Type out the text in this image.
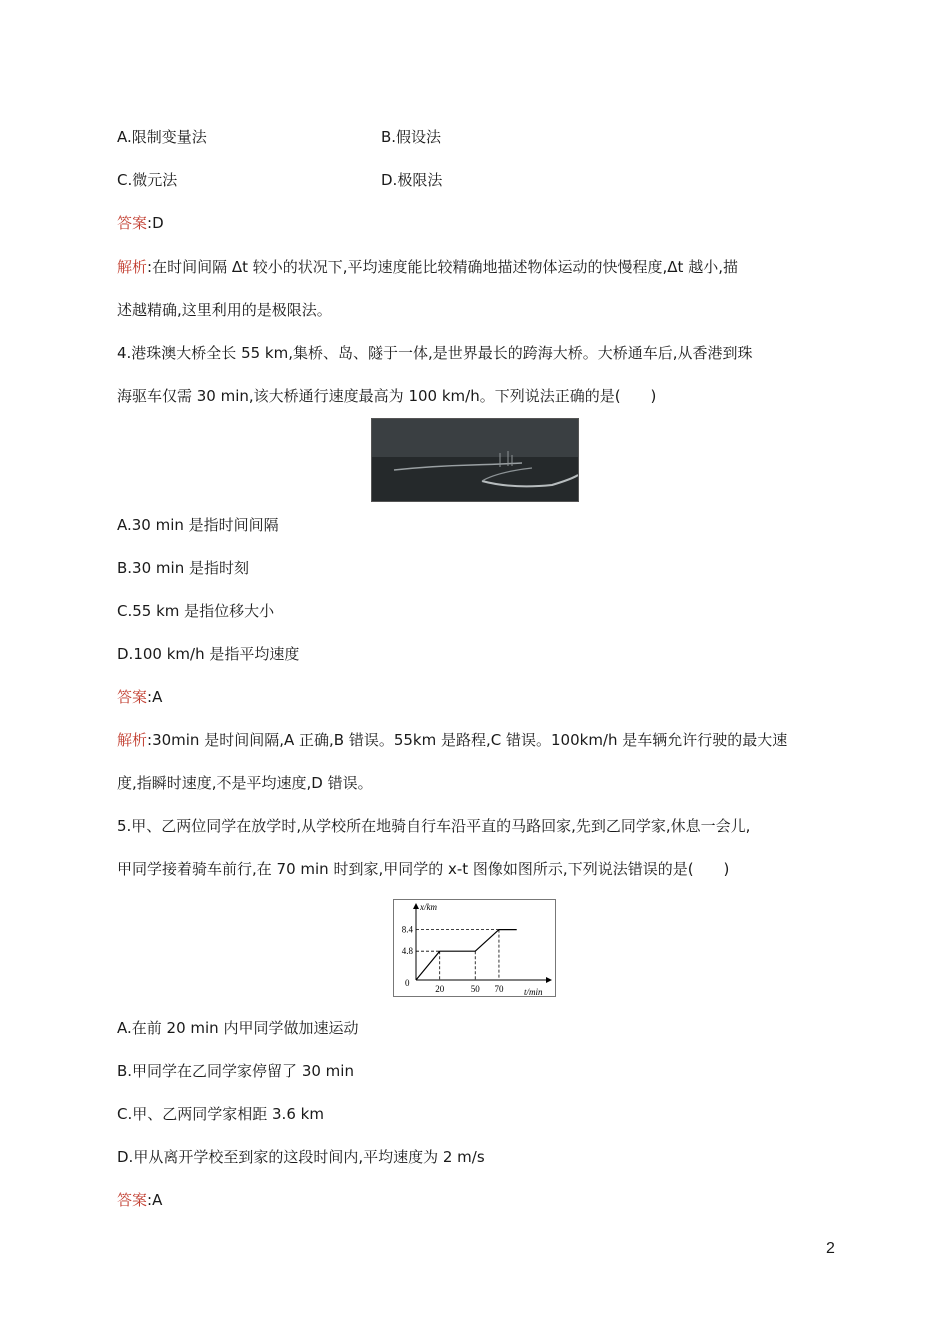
A.限制变量法	B.假设法
C.微元法	D.极限法
答案:D
解析:在时间间隔 Δt 较小的状况下,平均速度能比较精确地描述物体运动的快慢程度,Δt 越小,描
述越精确,这里利用的是极限法。
4.港珠澳大桥全长 55 km,集桥、岛、隧于一体,是世界最长的跨海大桥。大桥通车后,从香港到珠
海驱车仅需 30 min,该大桥通行速度最高为 100 km/h。下列说法正确的是(　　)
A.30 min 是指时间间隔
B.30 min 是指时刻
C.55 km 是指位移大小
D.100 km/h 是指平均速度
答案:A
解析:30min 是时间间隔,A 正确,B 错误。55km 是路程,C 错误。100km/h 是车辆允许行驶的最大速
度,指瞬时速度,不是平均速度,D 错误。
5.甲、乙两位同学在放学时,从学校所在地骑自行车沿平直的马路回家,先到乙同学家,休息一会儿,
甲同学接着骑车前行,在 70 min 时到家,甲同学的 x-t 图像如图所示,下列说法错误的是(　　)
x/km
t/min
0
20	50 70
8.4
4.8
A.在前 20 min 内甲同学做加速运动
B.甲同学在乙同学家停留了 30 min
C.甲、乙两同学家相距 3.6 km
D.甲从离开学校至到家的这段时间内,平均速度为 2 m/s
答案:A
2
